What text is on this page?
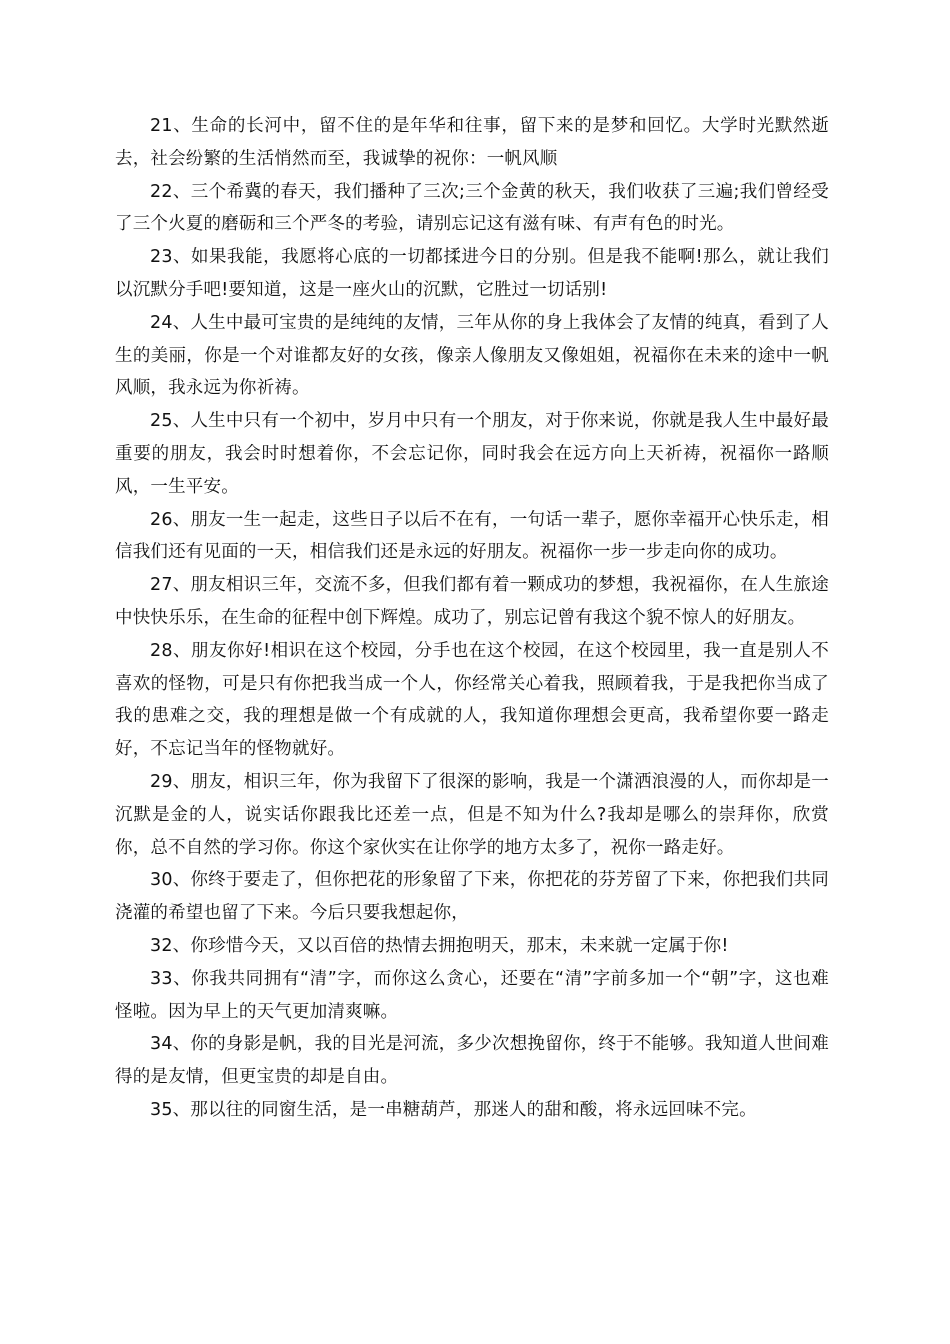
21、生命的长河中，留不住的是年华和往事，留下来的是梦和回忆。大学时光默然逝去，社会纷繁的生活悄然而至，我诚挚的祝你：一帆风顺

22、三个希冀的春天，我们播种了三次;三个金黄的秋天，我们收获了三遍;我们曾经受了三个火夏的磨砺和三个严冬的考验，请别忘记这有滋有味、有声有色的时光。

23、如果我能，我愿将心底的一切都揉进今日的分别。但是我不能啊!那么，就让我们以沉默分手吧!要知道，这是一座火山的沉默，它胜过一切话别!

24、人生中最可宝贵的是纯纯的友情，三年从你的身上我体会了友情的纯真，看到了人生的美丽，你是一个对谁都友好的女孩，像亲人像朋友又像姐姐，祝福你在未来的途中一帆风顺，我永远为你祈祷。

25、人生中只有一个初中，岁月中只有一个朋友，对于你来说，你就是我人生中最好最重要的朋友，我会时时想着你，不会忘记你，同时我会在远方向上天祈祷，祝福你一路顺风，一生平安。

26、朋友一生一起走，这些日子以后不在有，一句话一辈子，愿你幸福开心快乐走，相信我们还有见面的一天，相信我们还是永远的好朋友。祝福你一步一步走向你的成功。

27、朋友相识三年，交流不多，但我们都有着一颗成功的梦想，我祝福你，在人生旅途中快快乐乐，在生命的征程中创下辉煌。成功了，别忘记曾有我这个貌不惊人的好朋友。

28、朋友你好!相识在这个校园，分手也在这个校园，在这个校园里，我一直是别人不喜欢的怪物，可是只有你把我当成一个人，你经常关心着我，照顾着我，于是我把你当成了我的患难之交，我的理想是做一个有成就的人，我知道你理想会更高，我希望你要一路走好，不忘记当年的怪物就好。

29、朋友，相识三年，你为我留下了很深的影响，我是一个潇洒浪漫的人，而你却是一沉默是金的人，说实话你跟我比还差一点，但是不知为什么?我却是哪么的崇拜你，欣赏你，总不自然的学习你。你这个家伙实在让你学的地方太多了，祝你一路走好。

30、你终于要走了，但你把花的形象留了下来，你把花的芬芳留了下来，你把我们共同浇灌的希望也留了下来。今后只要我想起你，

32、你珍惜今天，又以百倍的热情去拥抱明天，那末，未来就一定属于你!

33、你我共同拥有“清”字，而你这么贪心，还要在“清”字前多加一个“朝”字，这也难怪啦。因为早上的天气更加清爽嘛。

34、你的身影是帆，我的目光是河流，多少次想挽留你，终于不能够。我知道人世间难得的是友情，但更宝贵的却是自由。

35、那以往的同窗生活，是一串糖葫芦，那迷人的甜和酸，将永远回味不完。
